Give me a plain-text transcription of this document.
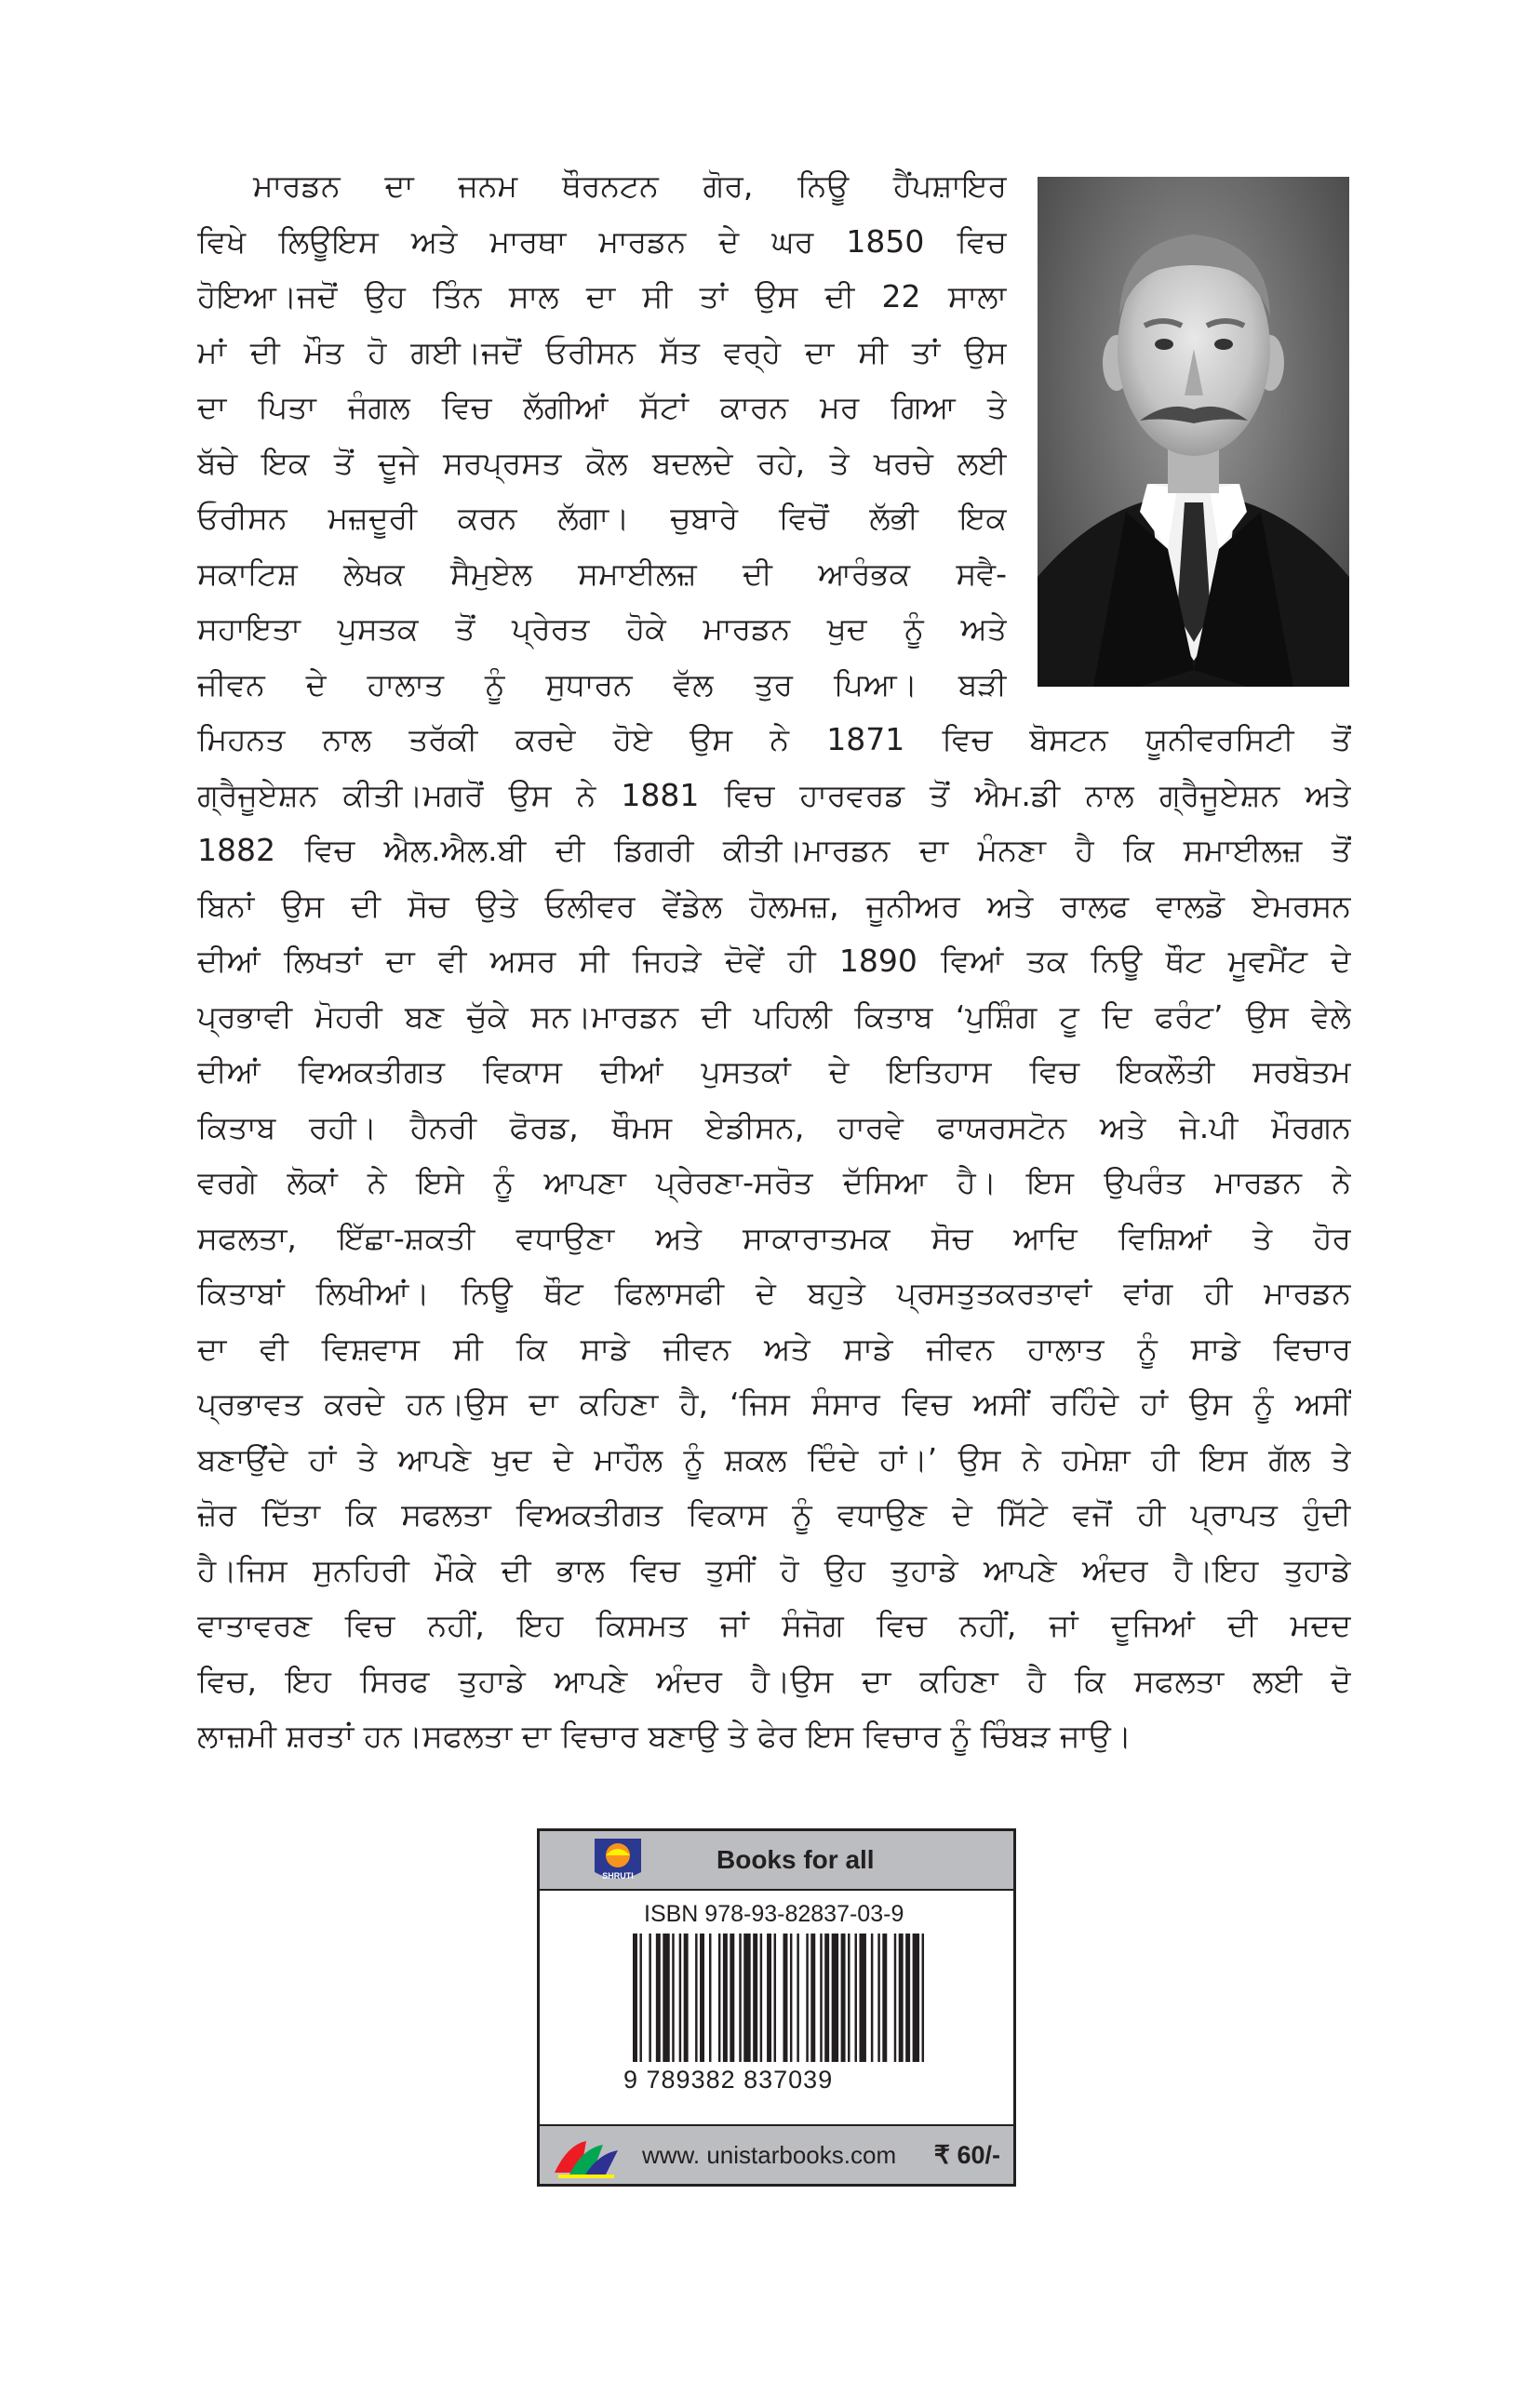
ਮਾਰਡਨ ਦਾ ਜਨਮ ਥੌਰਨਟਨ ਗੋਰ, ਨਿਊ ਹੈਂਪਸ਼ਾਇਰ
ਵਿਖੇ ਲਿਊਇਸ ਅਤੇ ਮਾਰਥਾ ਮਾਰਡਨ ਦੇ ਘਰ 1850 ਵਿਚ
ਹੋਇਆ।ਜਦੋਂ ਉਹ ਤਿੰਨ ਸਾਲ ਦਾ ਸੀ ਤਾਂ ਉਸ ਦੀ 22 ਸਾਲਾ
ਮਾਂ ਦੀ ਮੌਤ ਹੋ ਗਈ।ਜਦੋਂ ਓਰੀਸਨ ਸੱਤ ਵਰ੍ਹੇ ਦਾ ਸੀ ਤਾਂ ਉਸ
ਦਾ ਪਿਤਾ ਜੰਗਲ ਵਿਚ ਲੱਗੀਆਂ ਸੱਟਾਂ ਕਾਰਨ ਮਰ ਗਿਆ ਤੇ
ਬੱਚੇ ਇਕ ਤੋਂ ਦੂਜੇ ਸਰਪ੍ਰਸਤ ਕੋਲ ਬਦਲਦੇ ਰਹੇ, ਤੇ ਖਰਚੇ ਲਈ
ਓਰੀਸਨ ਮਜ਼ਦੂਰੀ ਕਰਨ ਲੱਗਾ। ਚੁਬਾਰੇ ਵਿਚੋਂ ਲੱਭੀ ਇਕ
ਸਕਾਟਿਸ਼ ਲੇਖਕ ਸੈਮੁਏਲ ਸਮਾਈਲਜ਼ ਦੀ ਆਰੰਭਕ ਸਵੈ-
ਸਹਾਇਤਾ ਪੁਸਤਕ ਤੋਂ ਪ੍ਰੇਰਤ ਹੋਕੇ ਮਾਰਡਨ ਖੁਦ ਨੂੰ ਅਤੇ
ਜੀਵਨ ਦੇ ਹਾਲਾਤ ਨੂੰ ਸੁਧਾਰਨ ਵੱਲ ਤੁਰ ਪਿਆ। ਬੜੀ
ਮਿਹਨਤ ਨਾਲ ਤਰੱਕੀ ਕਰਦੇ ਹੋਏ ਉਸ ਨੇ 1871 ਵਿਚ ਬੋਸਟਨ ਯੂਨੀਵਰਸਿਟੀ ਤੋਂ
ਗ੍ਰੈਜੂਏਸ਼ਨ ਕੀਤੀ।ਮਗਰੋਂ ਉਸ ਨੇ 1881 ਵਿਚ ਹਾਰਵਰਡ ਤੋਂ ਐਮ.ਡੀ ਨਾਲ ਗ੍ਰੈਜੂਏਸ਼ਨ ਅਤੇ
1882 ਵਿਚ ਐਲ.ਐਲ.ਬੀ ਦੀ ਡਿਗਰੀ ਕੀਤੀ।ਮਾਰਡਨ ਦਾ ਮੰਨਣਾ ਹੈ ਕਿ ਸਮਾਈਲਜ਼ ਤੋਂ
ਬਿਨਾਂ ਉਸ ਦੀ ਸੋਚ ਉਤੇ ਓਲੀਵਰ ਵੇਂਡੇਲ ਹੋਲਮਜ਼, ਜੂਨੀਅਰ ਅਤੇ ਰਾਲਫ ਵਾਲਡੋ ਏਮਰਸਨ
ਦੀਆਂ ਲਿਖਤਾਂ ਦਾ ਵੀ ਅਸਰ ਸੀ ਜਿਹੜੇ ਦੋਵੇਂ ਹੀ 1890 ਵਿਆਂ ਤਕ ਨਿਊ ਥੌਟ ਮੂਵਮੈਂਟ ਦੇ
ਪ੍ਰਭਾਵੀ ਮੋਹਰੀ ਬਣ ਚੁੱਕੇ ਸਨ।ਮਾਰਡਨ ਦੀ ਪਹਿਲੀ ਕਿਤਾਬ ‘ਪੁਸ਼ਿੰਗ ਟੂ ਦਿ ਫਰੰਟ’ ਉਸ ਵੇਲੇ
ਦੀਆਂ ਵਿਅਕਤੀਗਤ ਵਿਕਾਸ ਦੀਆਂ ਪੁਸਤਕਾਂ ਦੇ ਇਤਿਹਾਸ ਵਿਚ ਇਕਲੌਤੀ ਸਰਬੋਤਮ
ਕਿਤਾਬ ਰਹੀ। ਹੈਨਰੀ ਫੋਰਡ, ਥੌਮਸ ਏਡੀਸਨ, ਹਾਰਵੇ ਫਾਯਰਸਟੋਨ ਅਤੇ ਜੇ.ਪੀ ਮੌਰਗਨ
ਵਰਗੇ ਲੋਕਾਂ ਨੇ ਇਸੇ ਨੂੰ ਆਪਣਾ ਪ੍ਰੇਰਣਾ-ਸਰੋਤ ਦੱਸਿਆ ਹੈ। ਇਸ ਉਪਰੰਤ ਮਾਰਡਨ ਨੇ
ਸਫਲਤਾ, ਇੱਛਾ-ਸ਼ਕਤੀ ਵਧਾਉਣਾ ਅਤੇ ਸਾਕਾਰਾਤਮਕ ਸੋਚ ਆਦਿ ਵਿਸ਼ਿਆਂ ਤੇ ਹੋਰ
ਕਿਤਾਬਾਂ ਲਿਖੀਆਂ। ਨਿਊ ਥੌਟ ਫਿਲਾਸਫੀ ਦੇ ਬਹੁਤੇ ਪ੍ਰਸਤੁਤਕਰਤਾਵਾਂ ਵਾਂਗ ਹੀ ਮਾਰਡਨ
ਦਾ ਵੀ ਵਿਸ਼ਵਾਸ ਸੀ ਕਿ ਸਾਡੇ ਜੀਵਨ ਅਤੇ ਸਾਡੇ ਜੀਵਨ ਹਾਲਾਤ ਨੂੰ ਸਾਡੇ ਵਿਚਾਰ
ਪ੍ਰਭਾਵਤ ਕਰਦੇ ਹਨ।ਉਸ ਦਾ ਕਹਿਣਾ ਹੈ, ‘ਜਿਸ ਸੰਸਾਰ ਵਿਚ ਅਸੀਂ ਰਹਿੰਦੇ ਹਾਂ ਉਸ ਨੂੰ ਅਸੀਂ
ਬਣਾਉਂਦੇ ਹਾਂ ਤੇ ਆਪਣੇ ਖੁਦ ਦੇ ਮਾਹੌਲ ਨੂੰ ਸ਼ਕਲ ਦਿੰਦੇ ਹਾਂ।’ ਉਸ ਨੇ ਹਮੇਸ਼ਾ ਹੀ ਇਸ ਗੱਲ ਤੇ
ਜ਼ੋਰ ਦਿੱਤਾ ਕਿ ਸਫਲਤਾ ਵਿਅਕਤੀਗਤ ਵਿਕਾਸ ਨੂੰ ਵਧਾਉਣ ਦੇ ਸਿੱਟੇ ਵਜੋਂ ਹੀ ਪ੍ਰਾਪਤ ਹੁੰਦੀ
ਹੈ।ਜਿਸ ਸੁਨਹਿਰੀ ਮੌਕੇ ਦੀ ਭਾਲ ਵਿਚ ਤੁਸੀਂ ਹੋ ਉਹ ਤੁਹਾਡੇ ਆਪਣੇ ਅੰਦਰ ਹੈ।ਇਹ ਤੁਹਾਡੇ
ਵਾਤਾਵਰਣ ਵਿਚ ਨਹੀਂ, ਇਹ ਕਿਸਮਤ ਜਾਂ ਸੰਜੋਗ ਵਿਚ ਨਹੀਂ, ਜਾਂ ਦੂਜਿਆਂ ਦੀ ਮਦਦ
ਵਿਚ, ਇਹ ਸਿਰਫ ਤੁਹਾਡੇ ਆਪਣੇ ਅੰਦਰ ਹੈ।ਉਸ ਦਾ ਕਹਿਣਾ ਹੈ ਕਿ ਸਫਲਤਾ ਲਈ ਦੋ
ਲਾਜ਼ਮੀ ਸ਼ਰਤਾਂ ਹਨ।ਸਫਲਤਾ ਦਾ ਵਿਚਾਰ ਬਣਾਉ ਤੇ ਫੇਰ ਇਸ ਵਿਚਾਰ ਨੂੰ ਚਿੰਬੜ ਜਾਉ।
SHRUTI
Books for all
ISBN 978-93-82837-03-9
9 789382 837039
www. unistarbooks.com ₹ 60/-
